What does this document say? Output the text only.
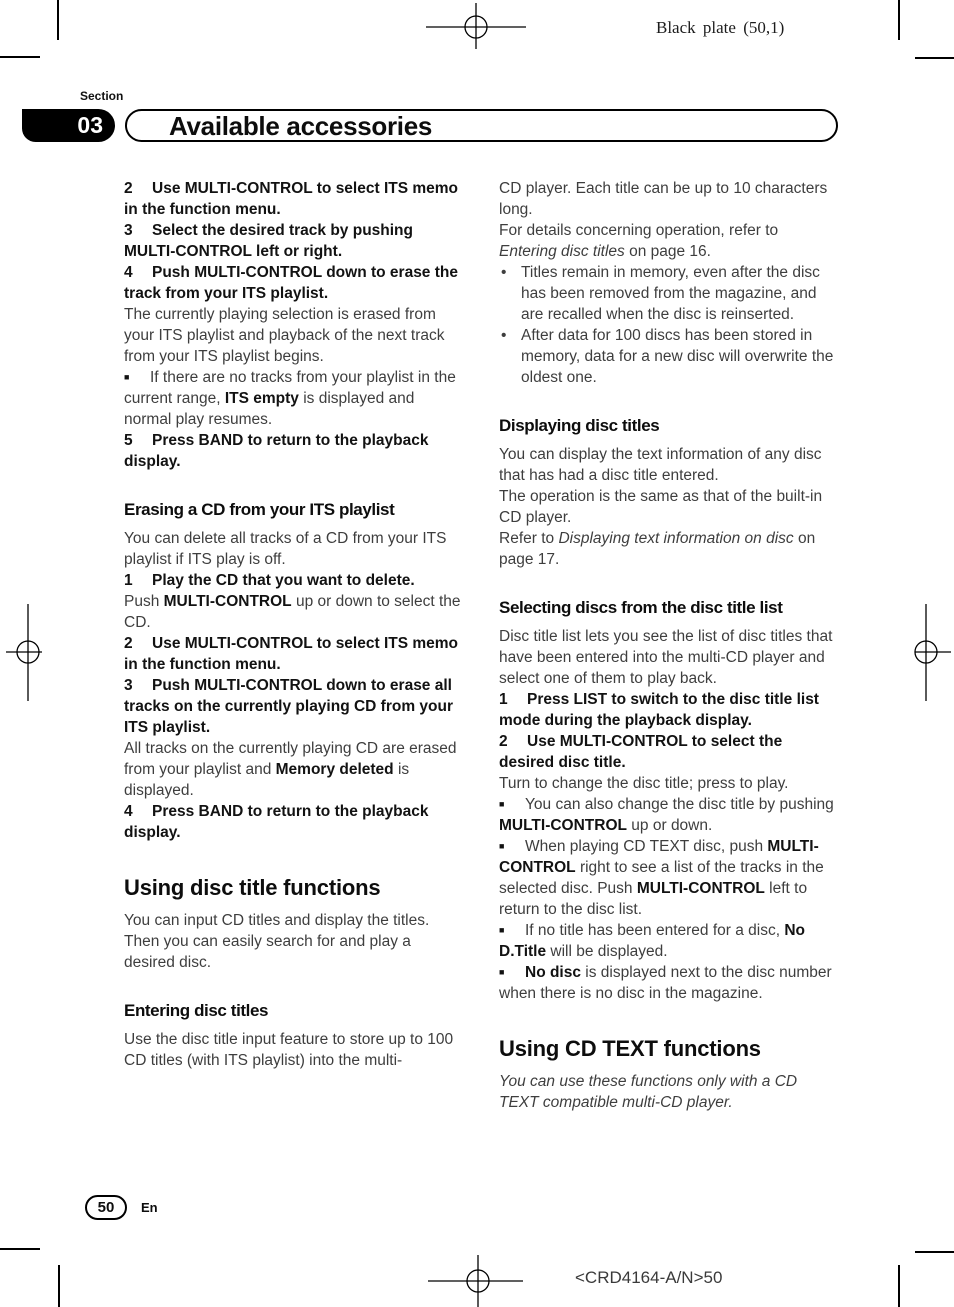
Black plate (50,1)
Section
03	Available accessories

2 Use MULTI-CONTROL to select ITS memo in the function menu.

3 Select the desired track by pushing MULTI-CONTROL left or right.

4 Push MULTI-CONTROL down to erase the track from your ITS playlist.

The currently playing selection is erased from your ITS playlist and playback of the next track from your ITS playlist begins.

■ If there are no tracks from your playlist in the current range, ITS empty is displayed and normal play resumes.

5 Press BAND to return to the playback display.

Erasing a CD from your ITS playlist

You can delete all tracks of a CD from your ITS playlist if ITS play is off.

1 Play the CD that you want to delete.

Push MULTI-CONTROL up or down to select the CD.

2 Use MULTI-CONTROL to select ITS memo in the function menu.

3 Push MULTI-CONTROL down to erase all tracks on the currently playing CD from your ITS playlist.

All tracks on the currently playing CD are erased from your playlist and Memory deleted is displayed.

4 Press BAND to return to the playback display.

Using disc title functions

You can input CD titles and display the titles. Then you can easily search for and play a desired disc.

Entering disc titles

Use the disc title input feature to store up to 100 CD titles (with ITS playlist) into the multi-

CD player. Each title can be up to 10 characters long.

For details concerning operation, refer to Entering disc titles on page 16.

• Titles remain in memory, even after the disc has been removed from the magazine, and are recalled when the disc is reinserted.

• After data for 100 discs has been stored in memory, data for a new disc will overwrite the oldest one.

Displaying disc titles

You can display the text information of any disc that has had a disc title entered.

The operation is the same as that of the built-in CD player.

Refer to Displaying text information on disc on page 17.

Selecting discs from the disc title list

Disc title list lets you see the list of disc titles that have been entered into the multi-CD player and select one of them to play back.

1 Press LIST to switch to the disc title list mode during the playback display.

2 Use MULTI-CONTROL to select the desired disc title.

Turn to change the disc title; press to play.

■ You can also change the disc title by pushing MULTI-CONTROL up or down.

■ When playing CD TEXT disc, push MULTI-CONTROL right to see a list of the tracks in the selected disc. Push MULTI-CONTROL left to return to the disc list.

■ If no title has been entered for a disc, No D.Title will be displayed.

■ No disc is displayed next to the disc number when there is no disc in the magazine.

Using CD TEXT functions

You can use these functions only with a CD TEXT compatible multi-CD player.

50	En
<CRD4164-A/N>50
